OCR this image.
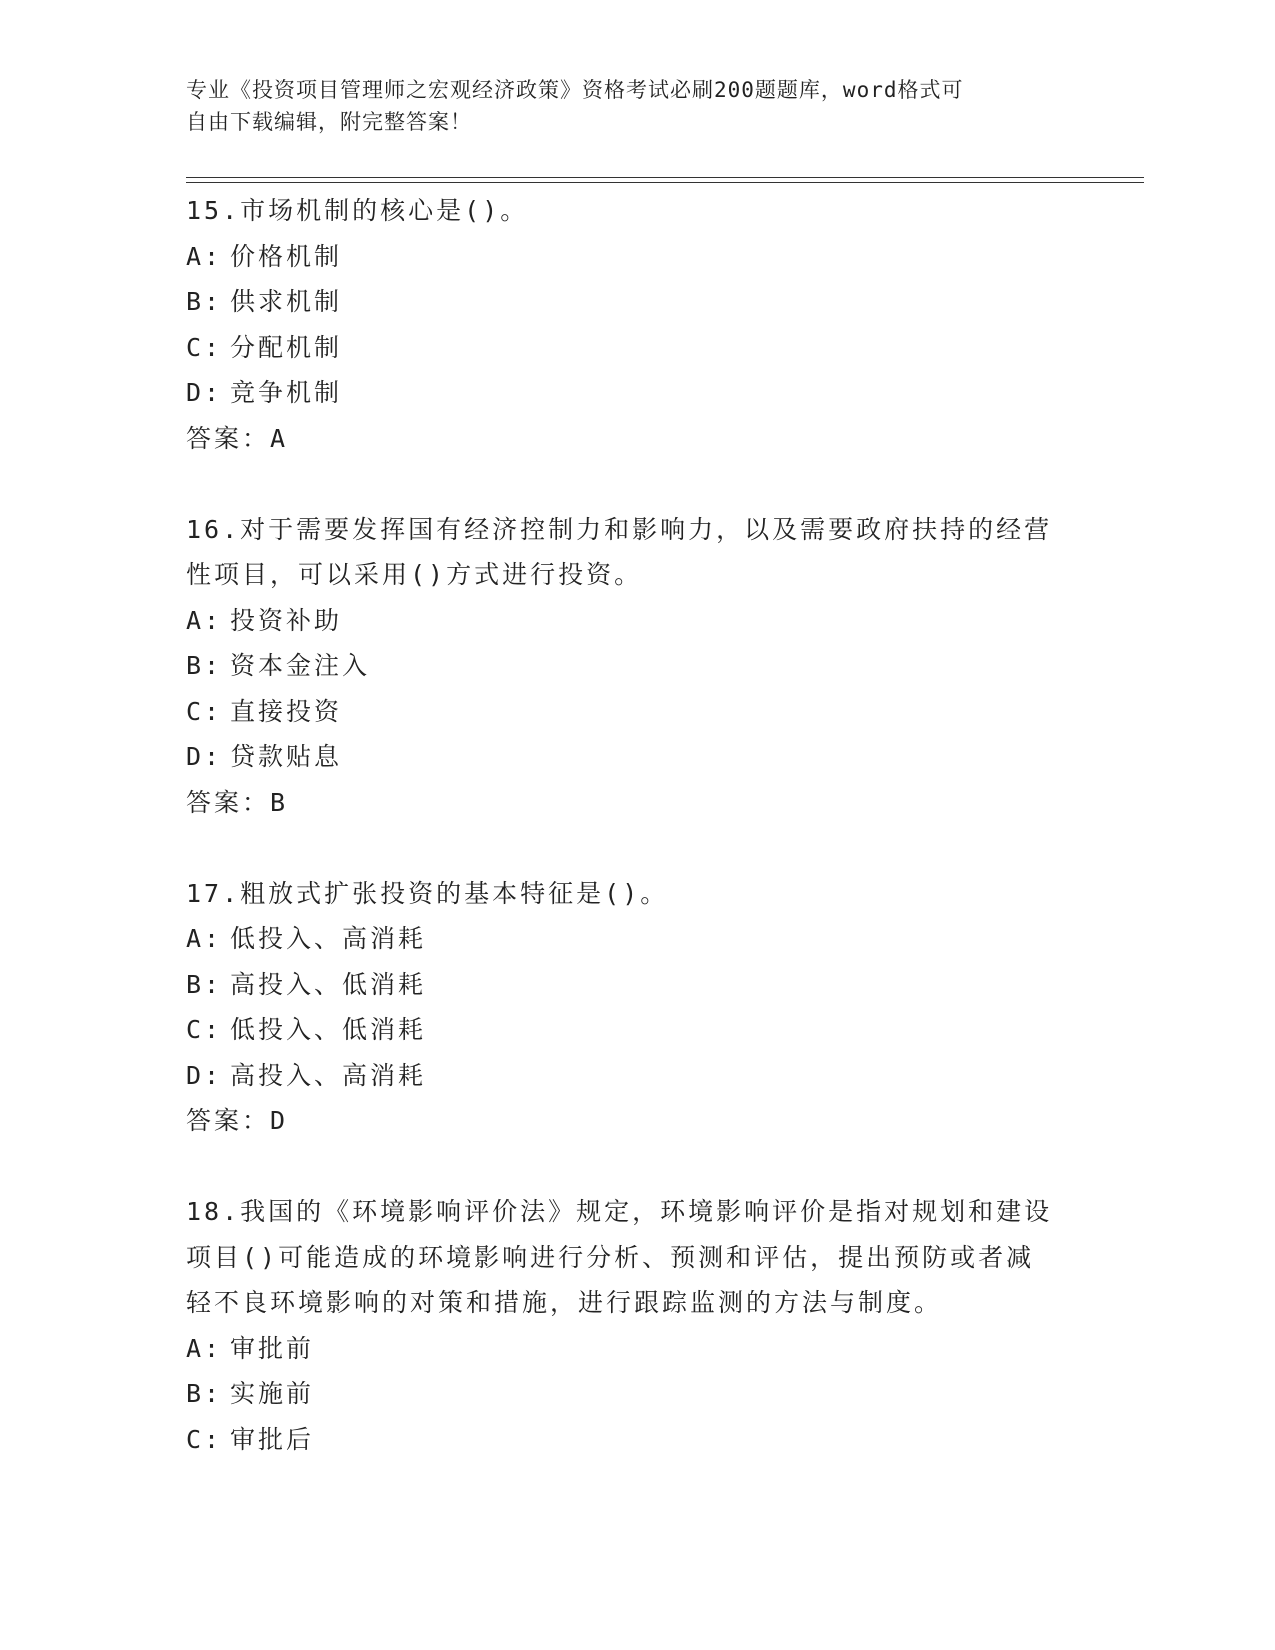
专业《投资项目管理师之宏观经济政策》资格考试必刷200题题库，word格式可
自由下载编辑，附完整答案！
15.市场机制的核心是()。
A: 价格机制
B: 供求机制
C: 分配机制
D: 竞争机制
答案：A
16.对于需要发挥国有经济控制力和影响力，以及需要政府扶持的经营
性项目，可以采用()方式进行投资。
A: 投资补助
B: 资本金注入
C: 直接投资
D: 贷款贴息
答案：B
17.粗放式扩张投资的基本特征是()。
A: 低投入、高消耗
B: 高投入、低消耗
C: 低投入、低消耗
D: 高投入、高消耗
答案：D
18.我国的《环境影响评价法》规定，环境影响评价是指对规划和建设
项目()可能造成的环境影响进行分析、预测和评估，提出预防或者减
轻不良环境影响的对策和措施，进行跟踪监测的方法与制度。
A: 审批前
B: 实施前
C: 审批后
